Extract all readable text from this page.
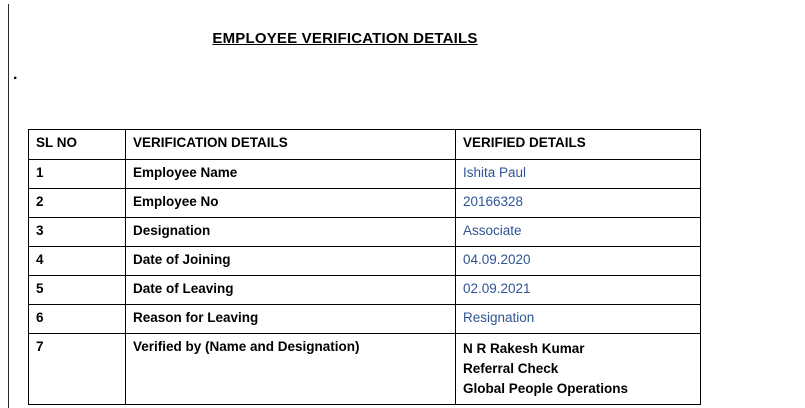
EMPLOYEE VERIFICATION DETAILS
.
SL NO	VERIFICATION DETAILS	VERIFIED DETAILS
1	Employee Name	Ishita Paul
2	Employee No	20166328
3	Designation	Associate
4	Date of Joining	04.09.2020
5	Date of Leaving	02.09.2021
6	Reason for Leaving	Resignation
7	Verified by (Name and Designation)	N R Rakesh Kumar
Referral Check
Global People Operations
